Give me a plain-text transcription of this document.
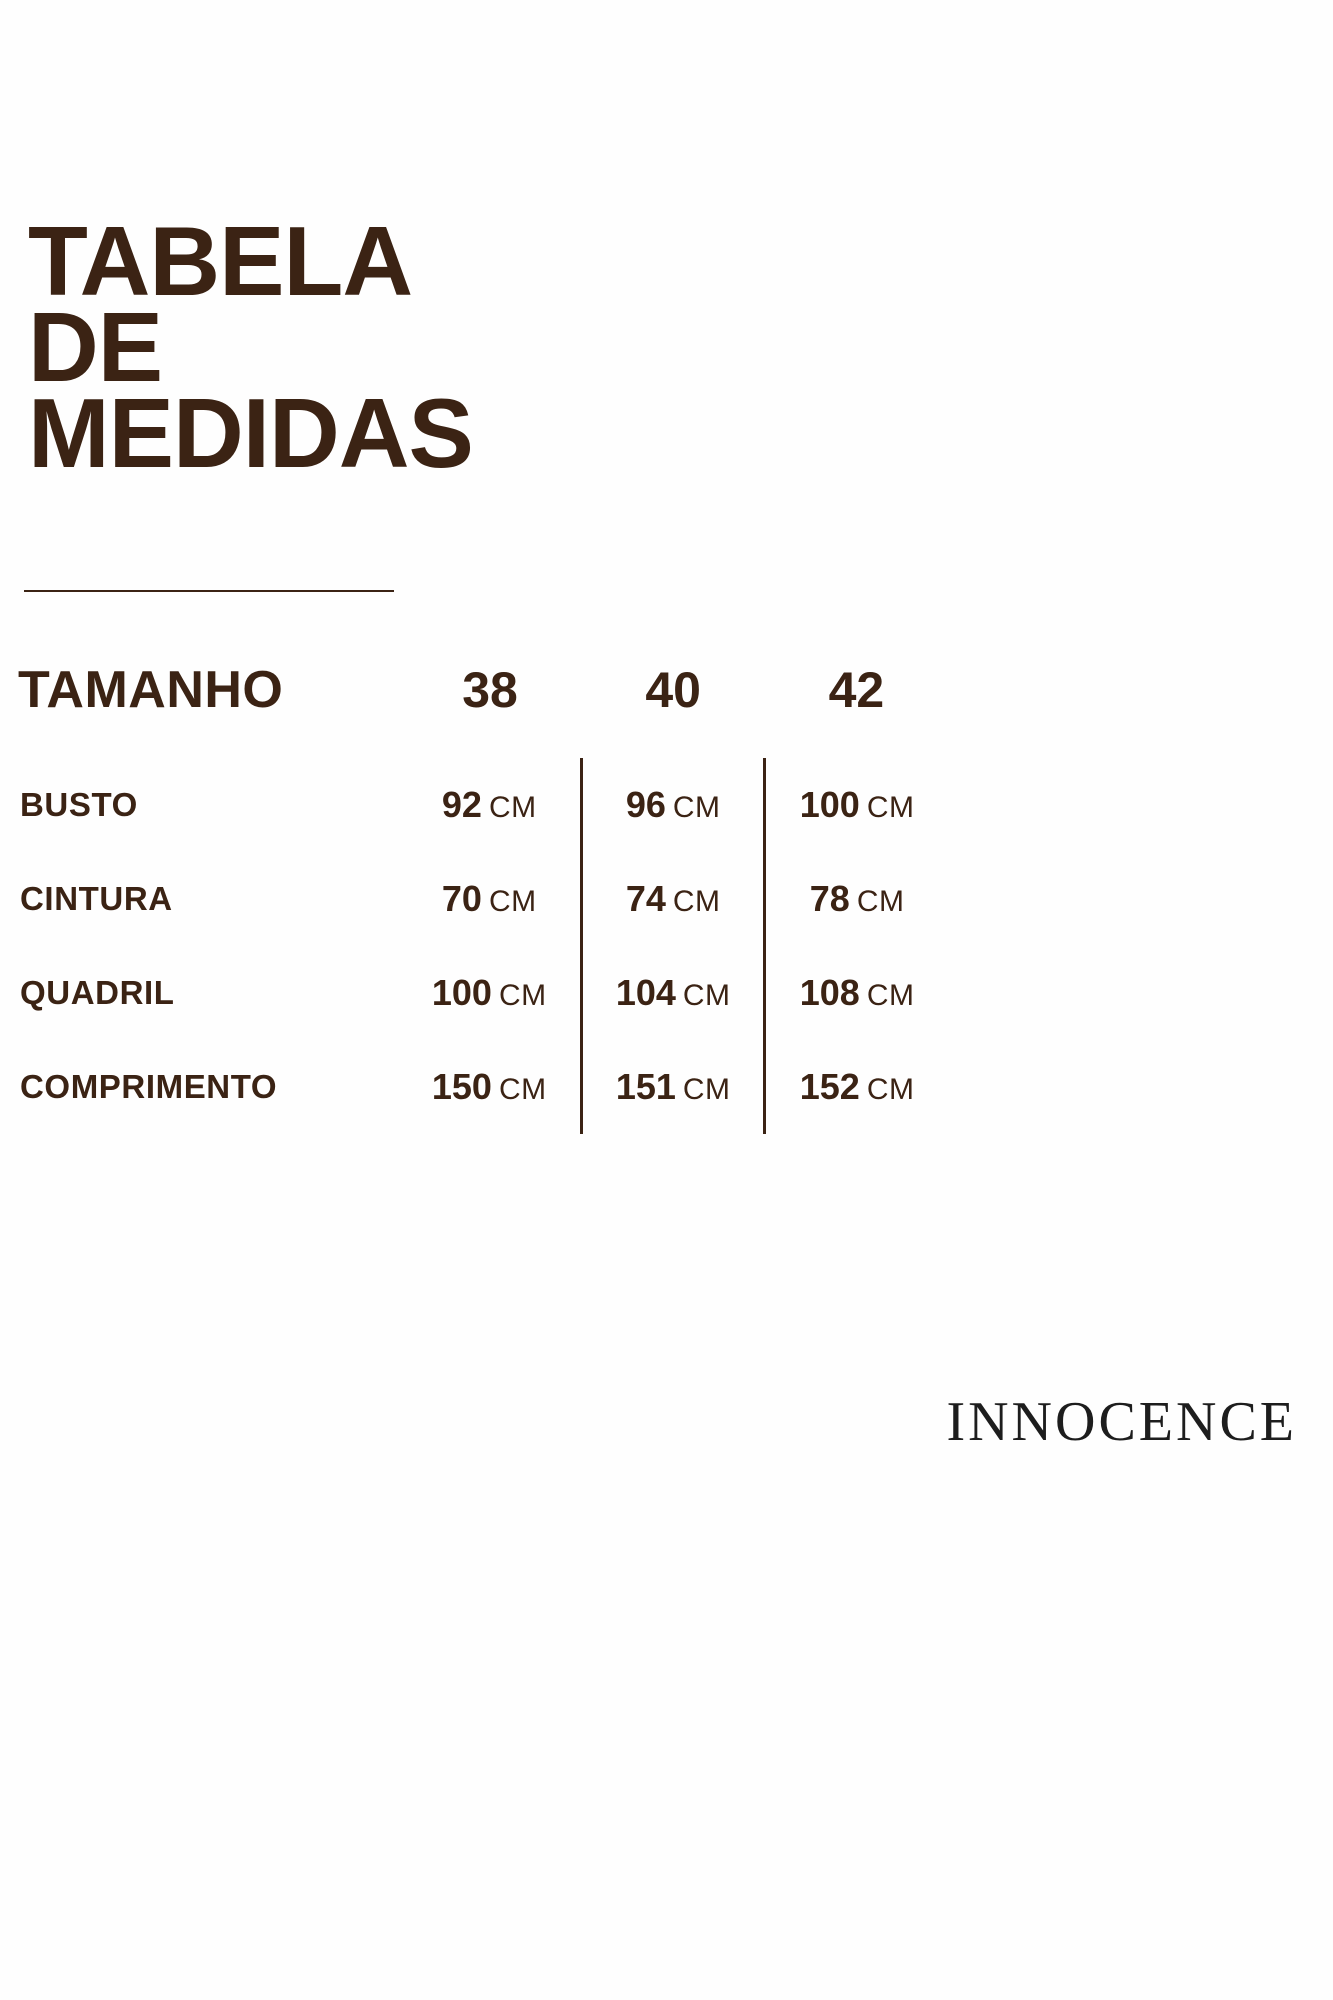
TABELA
DE
MEDIDAS
TAMANHO	38	40	42
BUSTO	92 CM	96 CM	100 CM
CINTURA	70 CM	74 CM	78 CM
QUADRIL	100 CM	104 CM	108 CM
COMPRIMENTO	150 CM	151 CM	152 CM
INNOCENCE
